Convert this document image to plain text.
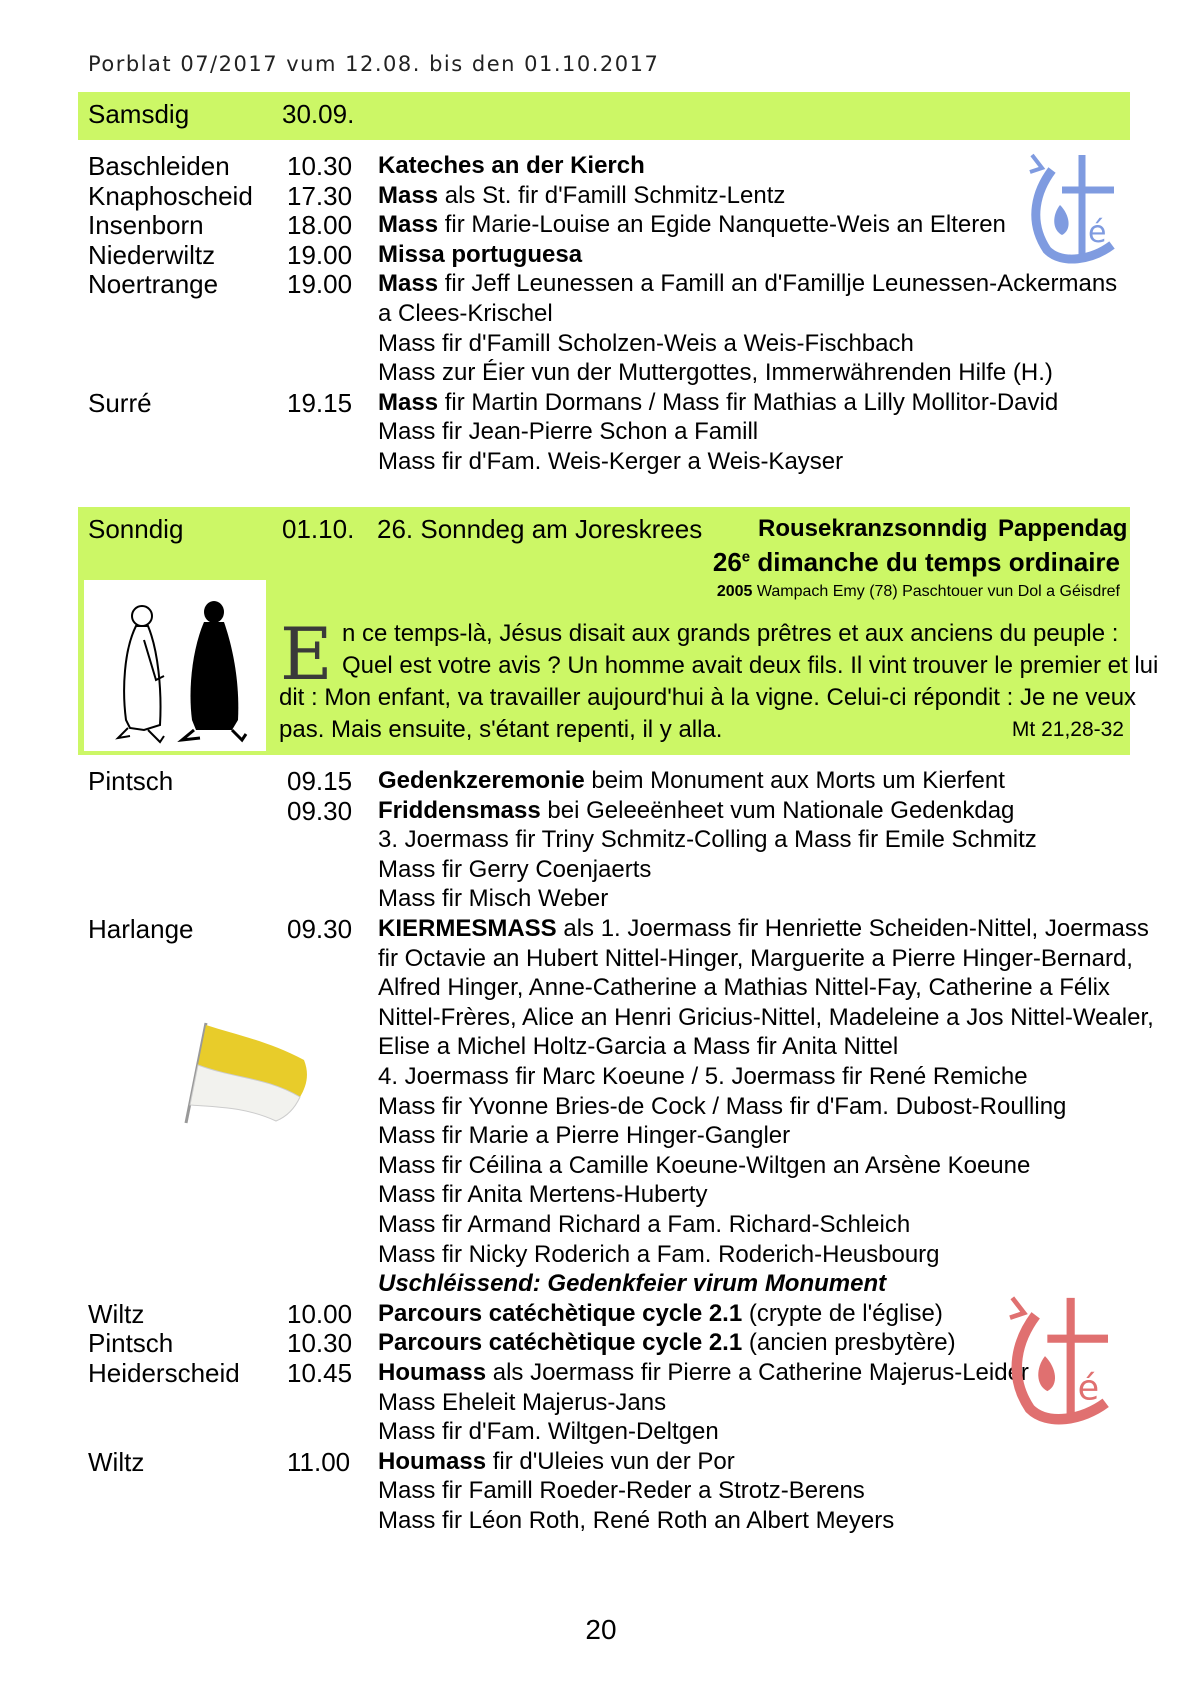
Porblat 07/2017 vum 12.08. bis den 01.10.2017
Samsdig	30.09.
Baschleiden 10.30 Kateches an der Kierch
Knaphoscheid 17.30 Mass als St. fir d'Famill Schmitz-Lentz
Insenborn	18.00 Mass fir Marie-Louise an Egide Nanquette-Weis an Elteren
Niederwiltz	19.00 Missa portuguesa
Noertrange	19.00 Mass fir Jeff Leunessen a Famill an d'Famillje Leunessen-Ackermans
a Clees-Krischel
Mass fir d'Famill Scholzen-Weis a Weis-Fischbach
Mass zur Éier vun der Muttergottes, Immerwährenden Hilfe (H.)
Surré	19.15 Mass fir Martin Dormans / Mass fir Mathias a Lilly Mollitor-David
Mass fir Jean-Pierre Schon a Famill
Mass fir d'Fam. Weis-Kerger a Weis-Kayser
é
Sonndig	01.10. 26. Sonndeg am Joreskrees Rousekranzsonndig Pappendag
26e dimanche du temps ordinaire
2005 Wampach Emy (78) Paschtouer vun Dol a Géisdref
E n ce temps-là, Jésus disait aux grands prêtres et aux anciens du peuple :
Quel est votre avis ? Un homme avait deux fils. Il vint trouver le premier et lui
dit : Mon enfant, va travailler aujourd'hui à la vigne. Celui-ci répondit : Je ne veux
pas. Mais ensuite, s'étant repenti, il y alla.	Mt 21,28-32
Pintsch	09.15 Gedenkzeremonie beim Monument aux Morts um Kierfent
09.30 Friddensmass bei Geleeënheet vum Nationale Gedenkdag
3. Joermass fir Triny Schmitz-Colling a Mass fir Emile Schmitz
Mass fir Gerry Coenjaerts
Mass fir Misch Weber
Harlange	09.30 KIERMESMASS als 1. Joermass fir Henriette Scheiden-Nittel, Joermass
fir Octavie an Hubert Nittel-Hinger, Marguerite a Pierre Hinger-Bernard,
Alfred Hinger, Anne-Catherine a Mathias Nittel-Fay, Catherine a Félix
Nittel-Frères, Alice an Henri Gricius-Nittel, Madeleine a Jos Nittel-Wealer,
Elise a Michel Holtz-Garcia a Mass fir Anita Nittel
4. Joermass fir Marc Koeune / 5. Joermass fir René Remiche
Mass fir Yvonne Bries-de Cock / Mass fir d'Fam. Dubost-Roulling
Mass fir Marie a Pierre Hinger-Gangler
Mass fir Céilina a Camille Koeune-Wiltgen an Arsène Koeune
Mass fir Anita Mertens-Huberty
Mass fir Armand Richard a Fam. Richard-Schleich
Mass fir Nicky Roderich a Fam. Roderich-Heusbourg
Uschléissend: Gedenkfeier virum Monument
Wiltz	10.00 Parcours catéchètique cycle 2.1 (crypte de l'église)
Pintsch	10.30 Parcours catéchètique cycle 2.1 (ancien presbytère)
Heiderscheid 10.45 Houmass als Joermass fir Pierre a Catherine Majerus-Leider
Mass Eheleit Majerus-Jans
Mass fir d'Fam. Wiltgen-Deltgen
Wiltz	11.00 Houmass fir d'Uleies vun der Por
Mass fir Famill Roeder-Reder a Strotz-Berens
Mass fir Léon Roth, René Roth an Albert Meyers
é
20
